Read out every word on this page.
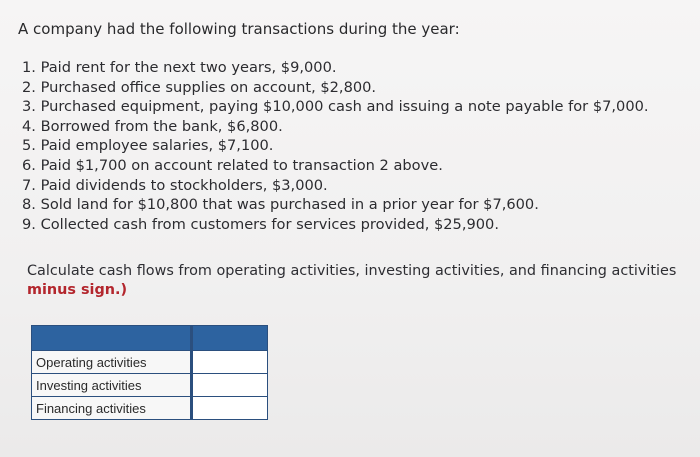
A company had the following transactions during the year:
1. Paid rent for the next two years, $9,000.
2. Purchased office supplies on account, $2,800.
3. Purchased equipment, paying $10,000 cash and issuing a note payable for $7,000.
4. Borrowed from the bank, $6,800.
5. Paid employee salaries, $7,100.
6. Paid $1,700 on account related to transaction 2 above.
7. Paid dividends to stockholders, $3,000.
8. Sold land for $10,800 that was purchased in a prior year for $7,600.
9. Collected cash from customers for services provided, $25,900.
Calculate cash flows from operating activities, investing activities, and financing activities
minus sign.)

Operating activities	
Investing activities	
Financing activities	
